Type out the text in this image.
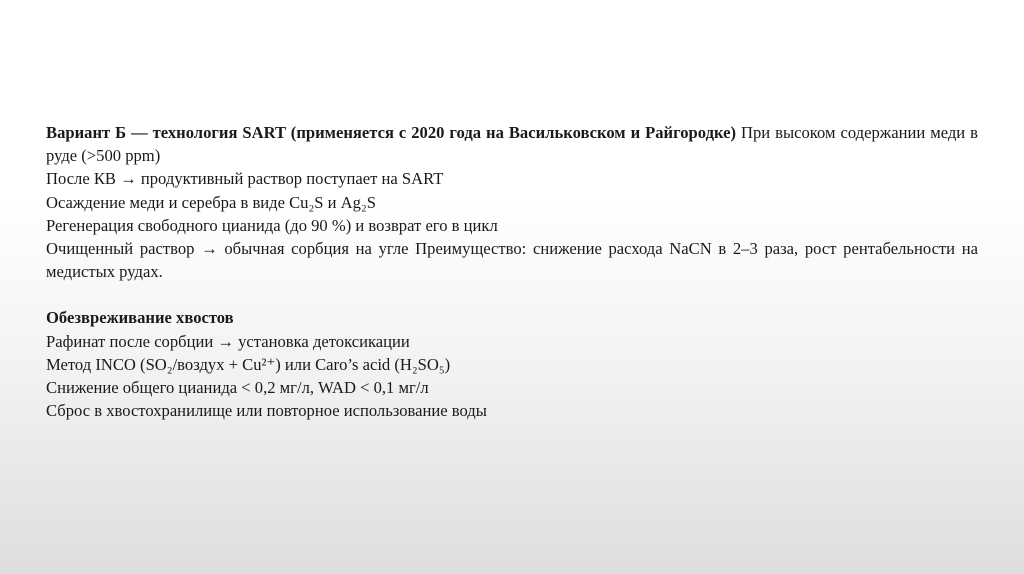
Вариант Б — технология SART (применяется с 2020 года на Васильковском и Райгородке) При высоком содержании меди в руде (>500 ppm)

После КВ → продуктивный раствор поступает на SART

Осаждение меди и серебра в виде Cu₂S и Ag₂S

Регенерация свободного цианида (до 90 %) и возврат его в цикл

Очищенный раствор → обычная сорбция на угле Преимущество: снижение расхода NaCN в 2–3 раза, рост рентабельности на медистых рудах.

Обезвреживание хвостов

Рафинат после сорбции → установка детоксикации

Метод INCO (SO₂/воздух + Cu²⁺) или Caro’s acid (H₂SO₅)

Снижение общего цианида < 0,2 мг/л, WAD < 0,1 мг/л

Сброс в хвостохранилище или повторное использование воды
